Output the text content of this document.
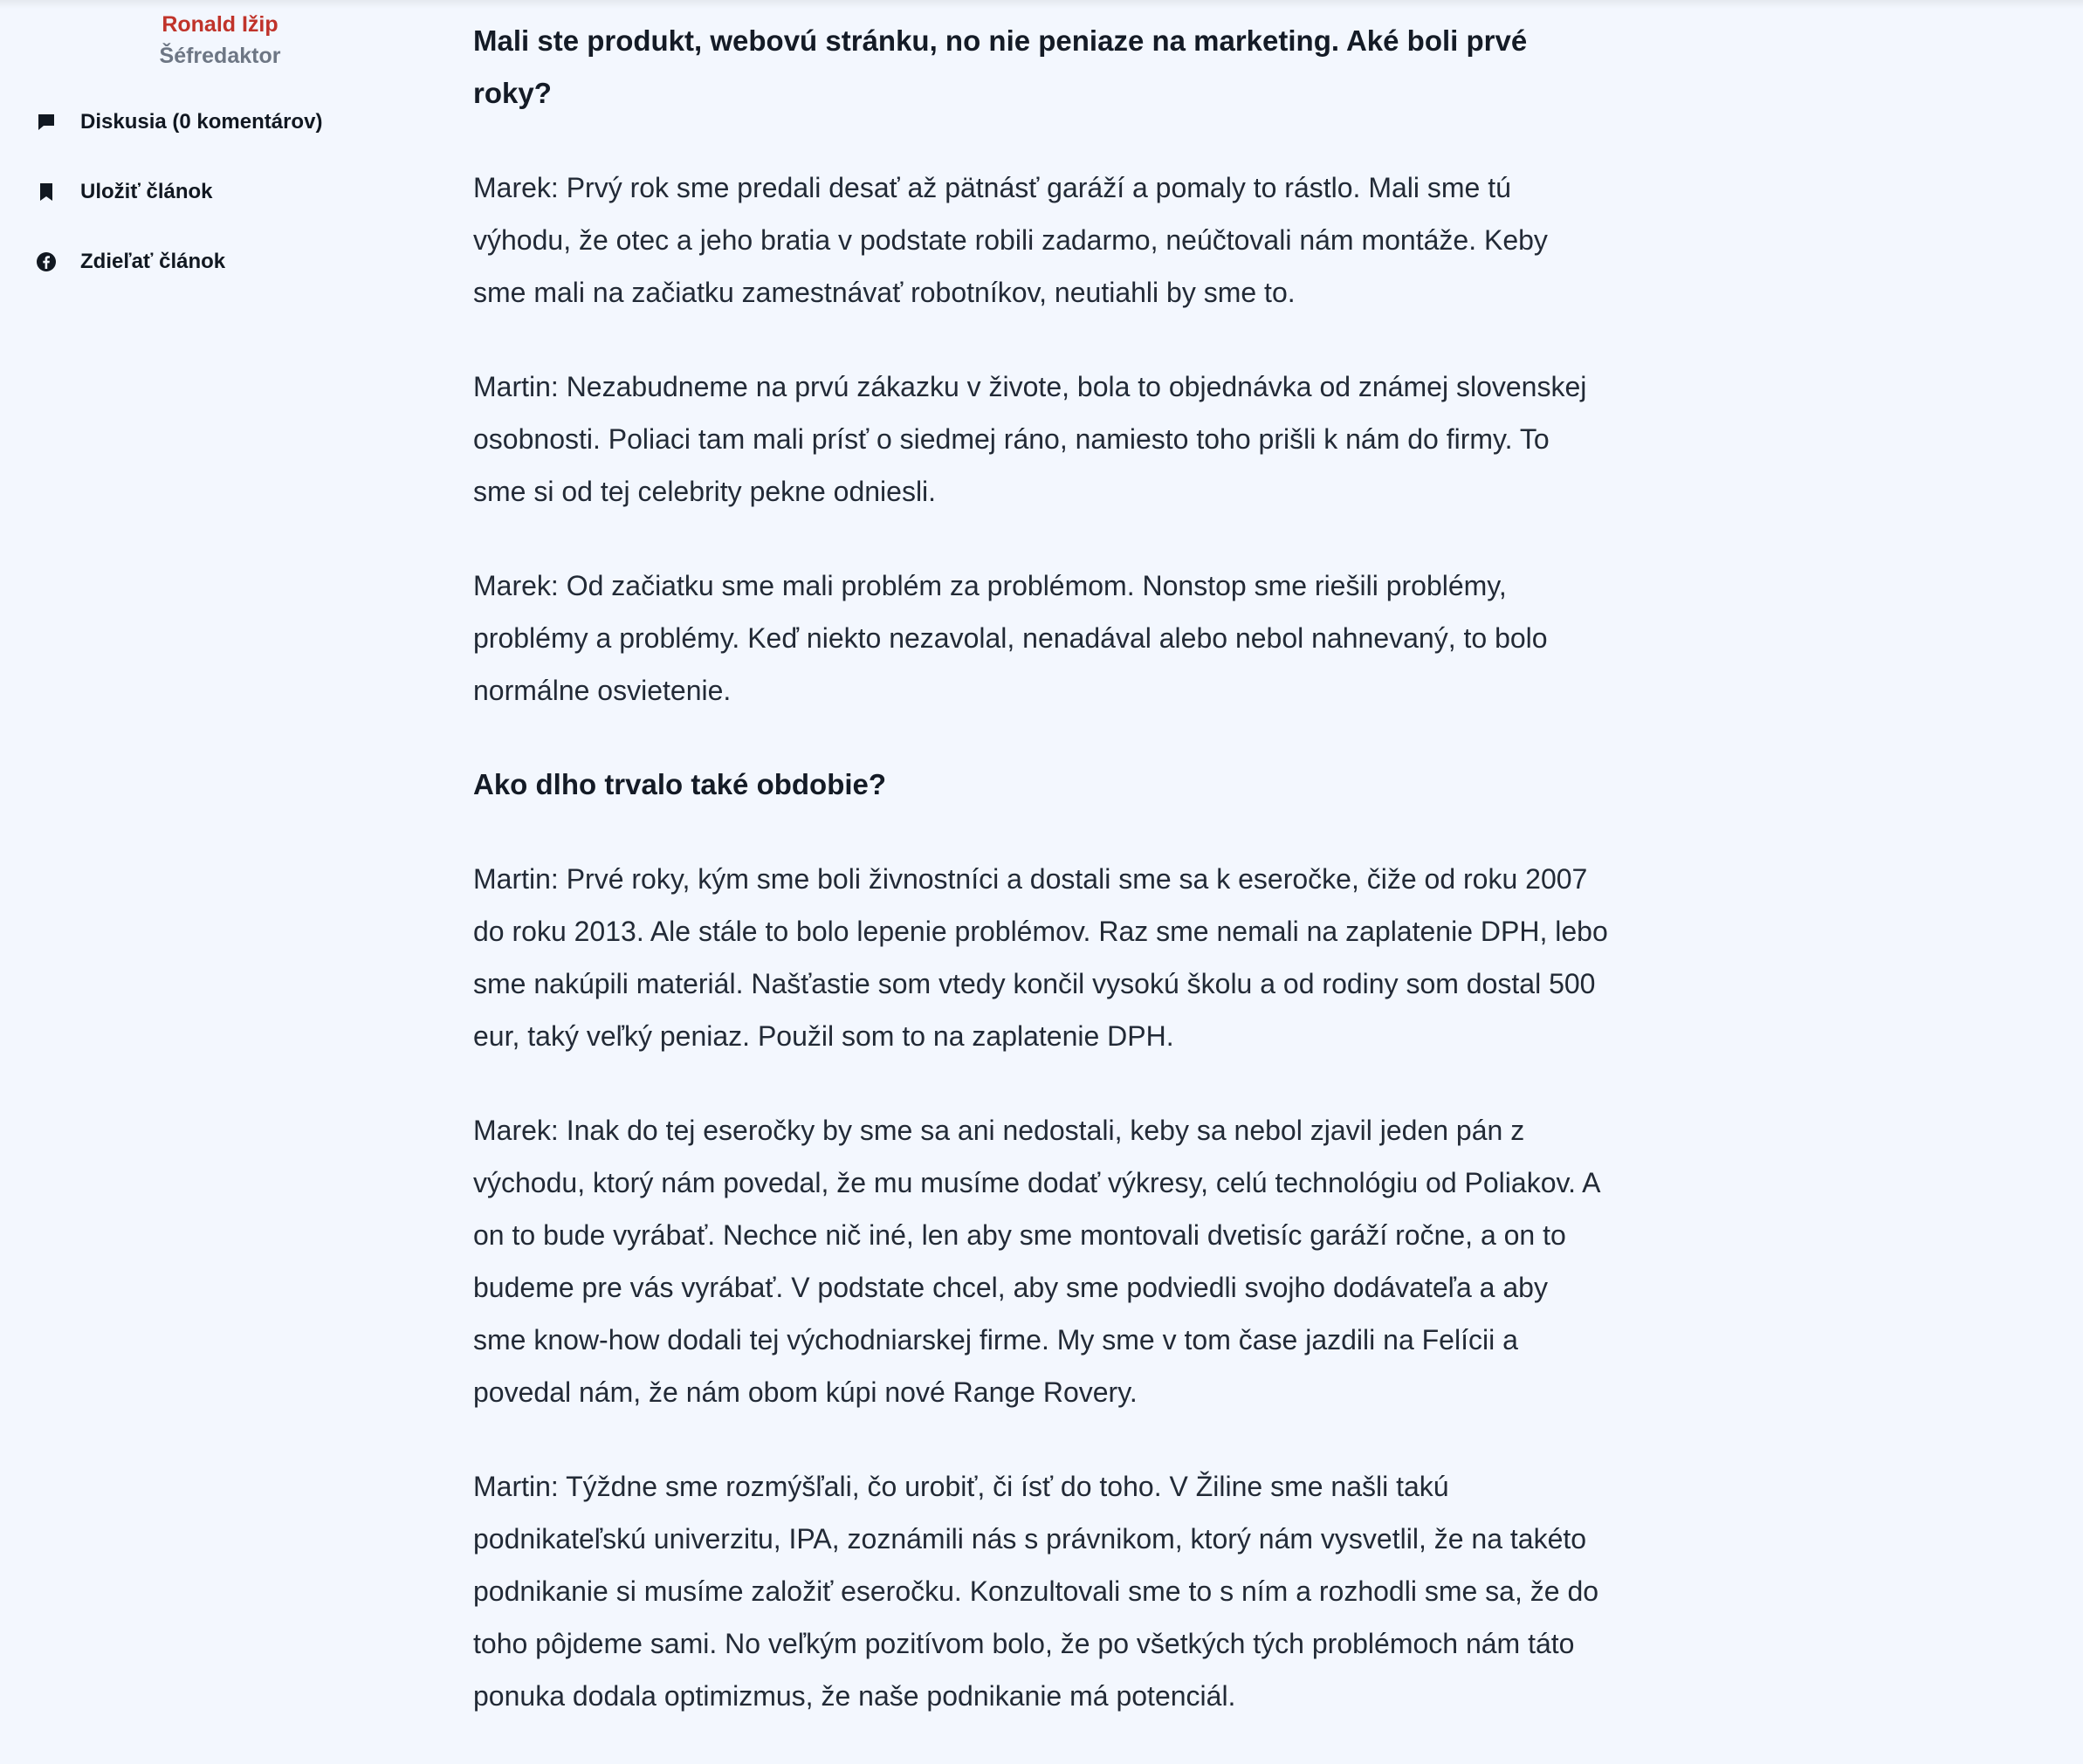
Ronald Ižip
Šéfredaktor
Diskusia (0 komentárov)
Uložiť článok
Zdieľať článok
Mali ste produkt, webovú stránku, no nie peniaze na marketing. Aké boli prvé roky?

Marek: Prvý rok sme predali desať až pätnásť garáží a pomaly to rástlo. Mali sme tú výhodu, že otec a jeho bratia v podstate robili zadarmo, neúčtovali nám montáže. Keby sme mali na začiatku zamestnávať robotníkov, neutiahli by sme to.

Martin: Nezabudneme na prvú zákazku v živote, bola to objednávka od známej slovenskej osobnosti. Poliaci tam mali prísť o siedmej ráno, namiesto toho prišli k nám do firmy. To sme si od tej celebrity pekne odniesli.

Marek: Od začiatku sme mali problém za problémom. Nonstop sme riešili problémy, problémy a problémy. Keď niekto nezavolal, nenadával alebo nebol nahnevaný, to bolo normálne osvietenie.

Ako dlho trvalo také obdobie?

Martin: Prvé roky, kým sme boli živnostníci a dostali sme sa k eseročke, čiže od roku 2007 do roku 2013. Ale stále to bolo lepenie problémov. Raz sme nemali na zaplatenie DPH, lebo sme nakúpili materiál. Našťastie som vtedy končil vysokú školu a od rodiny som dostal 500 eur, taký veľký peniaz. Použil som to na zaplatenie DPH.

Marek: Inak do tej eseročky by sme sa ani nedostali, keby sa nebol zjavil jeden pán z východu, ktorý nám povedal, že mu musíme dodať výkresy, celú technológiu od Poliakov. A on to bude vyrábať. Nechce nič iné, len aby sme montovali dvetisíc garáží ročne, a on to budeme pre vás vyrábať. V podstate chcel, aby sme podviedli svojho dodávateľa a aby sme know-how dodali tej východniarskej firme. My sme v tom čase jazdili na Felícii a povedal nám, že nám obom kúpi nové Range Rovery.

Martin: Týždne sme rozmýšľali, čo urobiť, či ísť do toho. V Žiline sme našli takú podnikateľskú univerzitu, IPA, zoznámili nás s právnikom, ktorý nám vysvetlil, že na takéto podnikanie si musíme založiť eseročku. Konzultovali sme to s ním a rozhodli sme sa, že do toho pôjdeme sami. No veľkým pozitívom bolo, že po všetkých tých problémoch nám táto ponuka dodala optimizmus, že naše podnikanie má potenciál.
